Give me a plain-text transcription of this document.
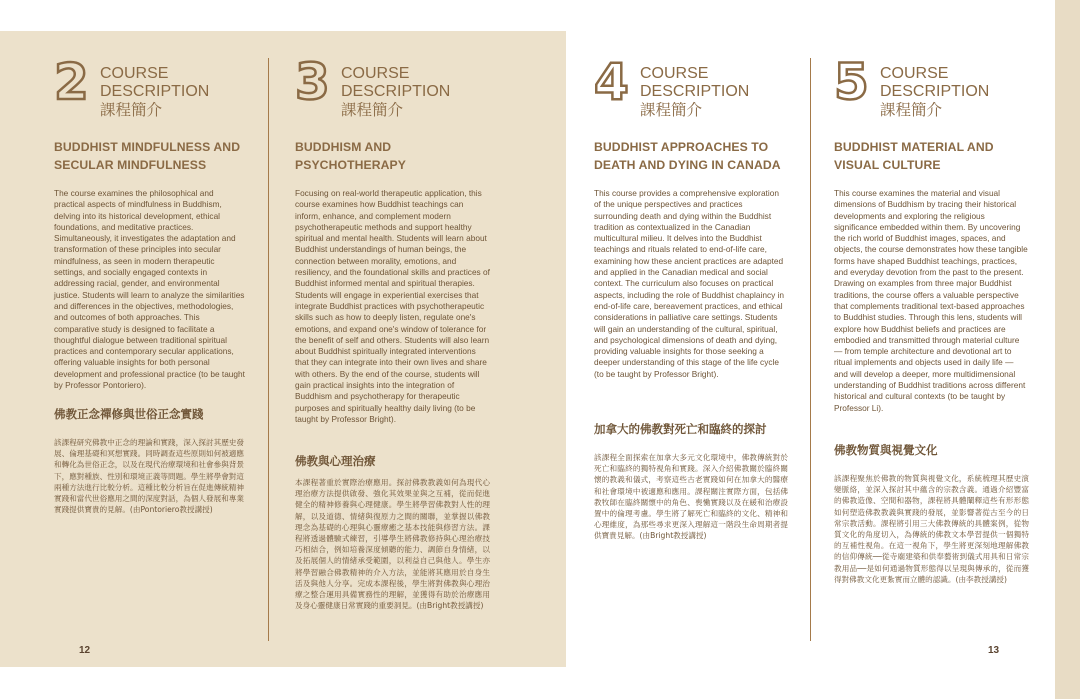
2 COURSE
DESCRIPTION
課程簡介
BUDDHIST MINDFULNESS AND
SECULAR MINDFULNESS
The course examines the philosophical and practical aspects of mindfulness in Buddhism, delving into its historical development, ethical foundations, and meditative practices. Simultaneously, it investigates the adaptation and transformation of these principles into secular mindfulness, as seen in modern therapeutic settings, and socially engaged contexts in addressing racial, gender, and environmental justice. Students will learn to analyze the similarities and differences in the objectives, methodologies, and outcomes of both approaches. This comparative study is designed to facilitate a thoughtful dialogue between traditional spiritual practices and contemporary secular applications, offering valuable insights for both personal development and professional practice (to be taught by Professor Pontoriero).
佛教正念禪修與世俗正念實踐
該課程研究佛教中正念的理論和實踐，深入探討其歷史發展、倫理基礎和冥想實踐。同時調查這些原則如何被適應和轉化為世俗正念，以及在現代治療環境和社會參與背景下，應對種族、性別和環境正義等問題。學生將學會對這兩種方法進行比較分析。這種比較分析旨在促進傳統精神實踐和當代世俗應用之間的深度對話，為個人發展和專業實踐提供寶貴的見解。(由Pontoriero教授講授)
3 COURSE
DESCRIPTION
課程簡介
BUDDHISM AND
PSYCHOTHERAPY
Focusing on real-world therapeutic application, this course examines how Buddhist teachings can inform, enhance, and complement modern psychotherapeutic methods and support healthy spiritual and mental health. Students will learn about Buddhist understandings of human beings, the connection between morality, emotions, and resiliency, and the foundational skills and practices of Buddhist informed mental and spiritual therapies. Students will engage in experiential exercises that integrate Buddhist practices with psychotherapeutic skills such as how to deeply listen, regulate one's emotions, and expand one's window of tolerance for the benefit of self and others. Students will also learn about Buddhist spiritually integrated interventions that they can integrate into their own lives and share with others. By the end of the course, students will gain practical insights into the integration of Buddhism and psychotherapy for therapeutic purposes and spiritually healthy daily living (to be taught by Professor Bright).
佛教與心理治療
本課程著重於實際治療應用。探討佛教教義如何為現代心理治療方法提供啟發、強化其效果並與之互補，從而促進健全的精神修養與心理健康。學生將學習佛教對人性的理解，以及道德、情緒與復原力之間的關聯，並掌握以佛教理念為基礎的心理與心靈療癒之基本技能與修習方法。課程將透過體驗式練習，引導學生將佛教修持與心理治療技巧相結合，例如培養深度傾聽的能力、調節自身情緒，以及拓展個人的情緒承受範圍，以利益自己與他人。學生亦將學習融合佛教精神的介入方法，並能將其應用於自身生活及與他人分享。完成本課程後，學生將對佛教與心理治療之整合運用具備實務性的理解，並獲得有助於治療應用及身心靈健康日常實踐的重要洞見。(由Bright教授講授)
4 COURSE
DESCRIPTION
課程簡介
BUDDHIST APPROACHES TO
DEATH AND DYING IN CANADA
This course provides a comprehensive exploration of the unique perspectives and practices surrounding death and dying within the Buddhist tradition as contextualized in the Canadian multicultural milieu. It delves into the Buddhist teachings and rituals related to end-of-life care, examining how these ancient practices are adapted and applied in the Canadian medical and social context. The curriculum also focuses on practical aspects, including the role of Buddhist chaplaincy in end-of-life care, bereavement practices, and ethical considerations in palliative care settings. Students will gain an understanding of the cultural, spiritual, and psychological dimensions of death and dying, providing valuable insights for those seeking a deeper understanding of this stage of the life cycle (to be taught by Professor Bright).
加拿大的佛教對死亡和臨終的探討
該課程全面探索在加拿大多元文化環境中，佛教傳統對於死亡和臨終的獨特視角和實踐。深入介紹佛教關於臨終關懷的教義和儀式，考察這些古老實踐如何在加拿大的醫療和社會環境中被適應和應用。課程關注實際方面，包括佛教牧師在臨終關懷中的角色、喪慟實踐以及在緩和治療設置中的倫理考慮。學生將了解死亡和臨終的文化、精神和心理維度，為那些尋求更深入理解這一階段生命周期者提供寶貴見解。(由Bright教授講授)
5 COURSE
DESCRIPTION
課程簡介
BUDDHIST MATERIAL AND
VISUAL CULTURE
This course examines the material and visual dimensions of Buddhism by tracing their historical developments and exploring the religious significance embedded within them. By uncovering the rich world of Buddhist images, spaces, and objects, the course demonstrates how these tangible forms have shaped Buddhist teachings, practices, and everyday devotion from the past to the present. Drawing on examples from three major Buddhist traditions, the course offers a valuable perspective that complements traditional text-based approaches to Buddhist studies. Through this lens, students will explore how Buddhist beliefs and practices are embodied and transmitted through material culture — from temple architecture and devotional art to ritual implements and objects used in daily life — and will develop a deeper, more multidimensional understanding of Buddhist traditions across different historical and cultural contexts (to be taught by Professor Li).
佛教物質與視覺文化
該課程聚焦於佛教的物質與視覺文化，系統梳理其歷史演變脈絡，並深入探討其中蘊含的宗教含義。通過介紹豐富的佛教造像、空間和器物，課程將具體闡釋這些有形形態如何塑造佛教教義與實踐的發展，並影響著從古至今的日常宗教活動。課程將引用三大佛教傳統的具體案例，從物質文化的角度切入，為傳統的佛教文本學習提供一個獨特的互補性視角。在這一視角下，學生將更深刻地理解佛教的信仰傳統──從寺廟建築和供奉藝術到儀式用具和日常宗教用品──是如何通過物質形態得以呈現與傳承的，從而獲得對佛教文化更紮實而立體的認識。(由李教授講授)
12	13
